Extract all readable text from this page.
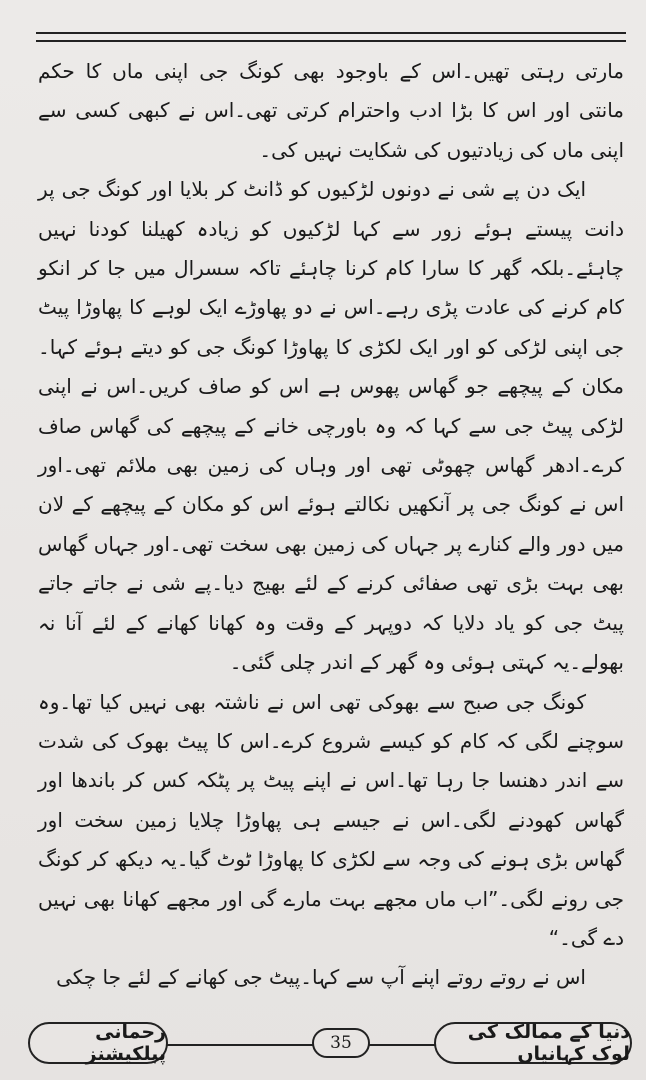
مارتی رہتی تھیں۔اس کے باوجود بھی کونگ جی اپنی ماں کا حکم مانتی اور اس کا بڑا ادب واحترام کرتی تھی۔اس نے کبھی کسی سے اپنی ماں کی زیادتیوں کی شکایت نہیں کی۔

ایک دن پے شی نے دونوں لڑکیوں کو ڈانٹ کر بلایا اور کونگ جی پر دانت پیستے ہوئے زور سے کہا لڑکیوں کو زیادہ کھیلنا کودنا نہیں چاہئے۔بلکہ گھر کا سارا کام کرنا چاہئے تاکہ سسرال میں جا کر انکو کام کرنے کی عادت پڑی رہے۔اس نے دو پھاوڑے ایک لوہے کا پھاوڑا پیٹ جی اپنی لڑکی کو اور ایک لکڑی کا پھاوڑا کونگ جی کو دیتے ہوئے کہا۔مکان کے پیچھے جو گھاس پھوس ہے اس کو صاف کریں۔اس نے اپنی لڑکی پیٹ جی سے کہا کہ وہ باورچی خانے کے پیچھے کی گھاس صاف کرے۔ادھر گھاس چھوٹی تھی اور وہاں کی زمین بھی ملائم تھی۔اور اس نے کونگ جی پر آنکھیں نکالتے ہوئے اس کو مکان کے پیچھے کے لان میں دور والے کنارے پر جہاں کی زمین بھی سخت تھی۔اور جہاں گھاس بھی بہت بڑی تھی صفائی کرنے کے لئے بھیج دیا۔پے شی نے جاتے جاتے پیٹ جی کو یاد دلایا کہ دوپہر کے وقت وہ کھانا کھانے کے لئے آنا نہ بھولے۔یہ کہتی ہوئی وہ گھر کے اندر چلی گئی۔

کونگ جی صبح سے بھوکی تھی اس نے ناشتہ بھی نہیں کیا تھا۔وہ سوچنے لگی کہ کام کو کیسے شروع کرے۔اس کا پیٹ بھوک کی شدت سے اندر دھنسا جا رہا تھا۔اس نے اپنے پیٹ پر پٹکہ کس کر باندھا اور گھاس کھودنے لگی۔اس نے جیسے ہی پھاوڑا چلایا زمین سخت اور گھاس بڑی ہونے کی وجہ سے لکڑی کا پھاوڑا ٹوٹ گیا۔یہ دیکھ کر کونگ جی رونے لگی۔”اب ماں مجھے بہت مارے گی اور مجھے کھانا بھی نہیں دے گی۔“

اس نے روتے روتے اپنے آپ سے کہا۔پیٹ جی کھانے کے لئے جا چکی

رحمانی پبلکیشنز	35	دنیا کے ممالک کی لوک کہانیاں
